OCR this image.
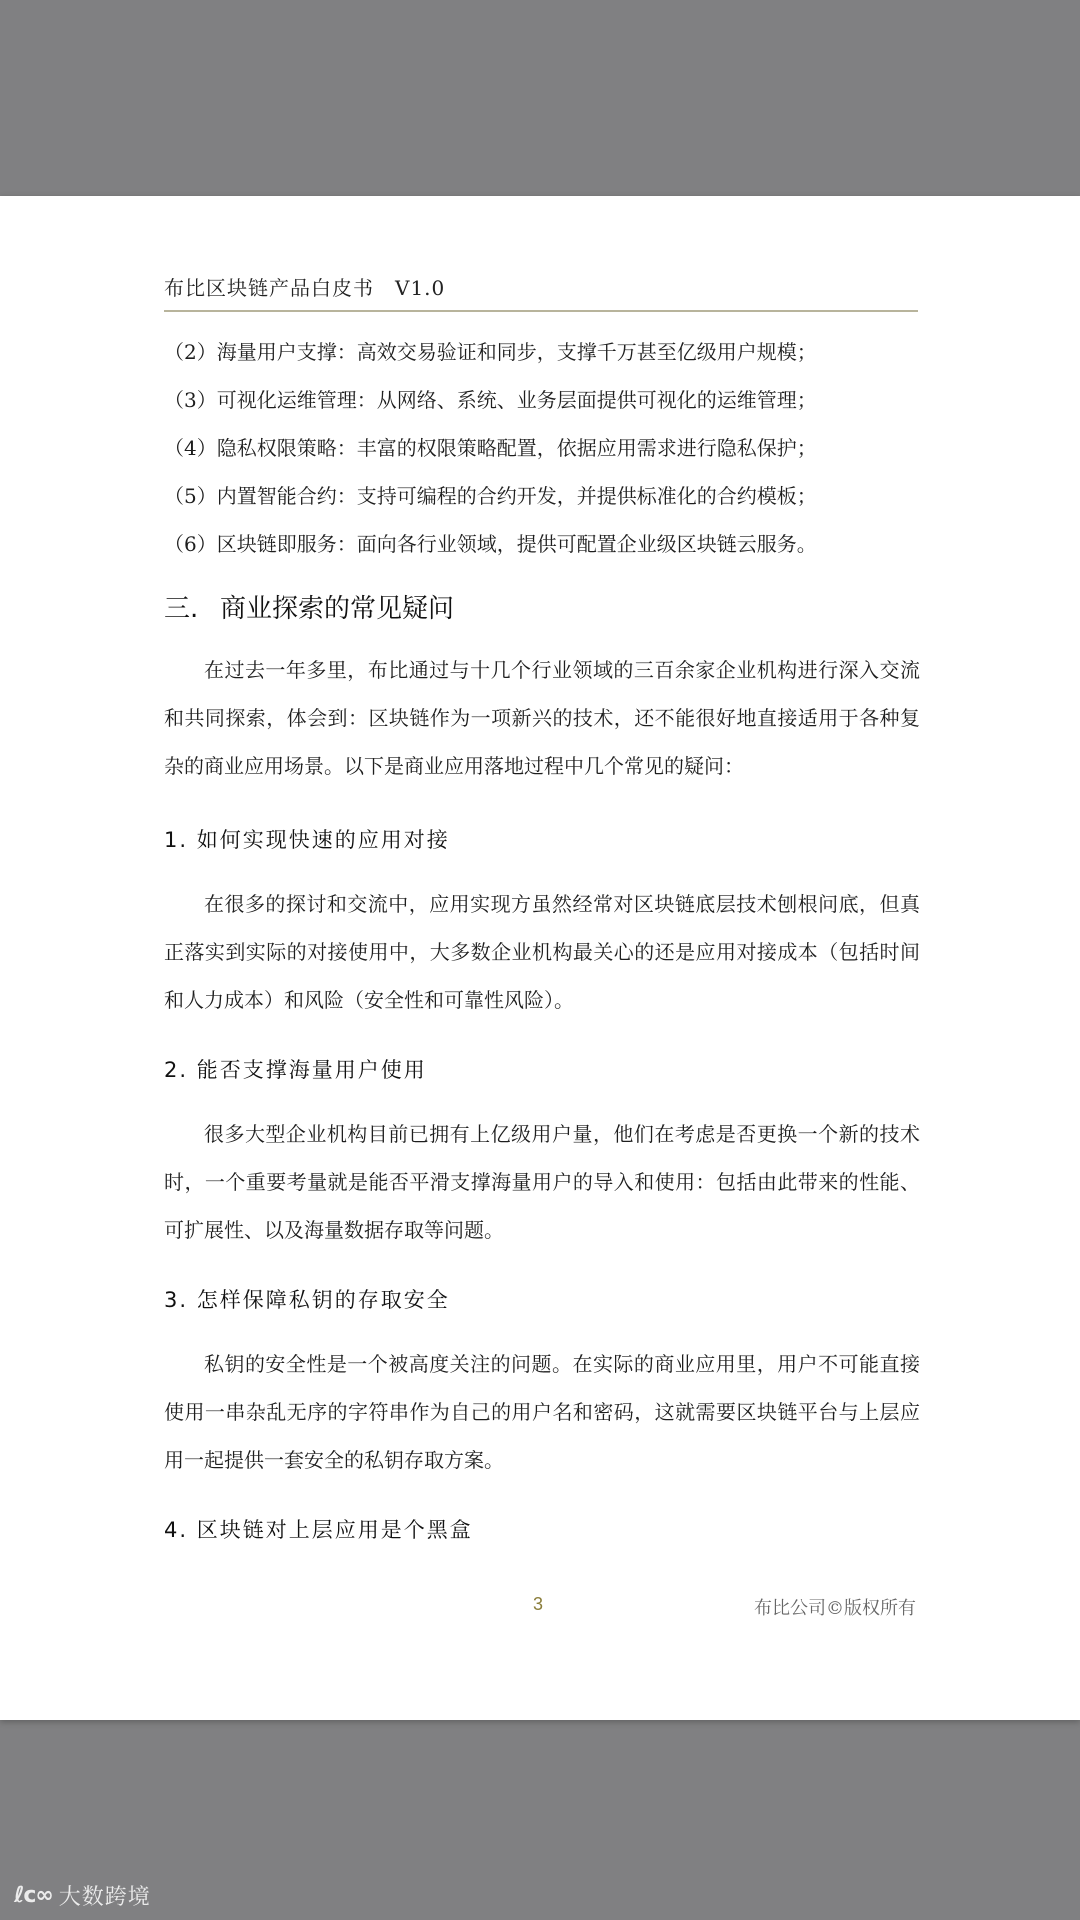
布比区块链产品白皮书　V1.0
（2）海量用户支撑：高效交易验证和同步，支撑千万甚至亿级用户规模；
（3）可视化运维管理：从网络、系统、业务层面提供可视化的运维管理；
（4）隐私权限策略：丰富的权限策略配置，依据应用需求进行隐私保护；
（5）内置智能合约：支持可编程的合约开发，并提供标准化的合约模板；
（6）区块链即服务：面向各行业领域，提供可配置企业级区块链云服务。
三. 商业探索的常见疑问

在过去一年多里，布比通过与十几个行业领域的三百余家企业机构进行深入交流和共同探索，体会到：区块链作为一项新兴的技术，还不能很好地直接适用于各种复杂的商业应用场景。以下是商业应用落地过程中几个常见的疑问：

1. 如何实现快速的应用对接

在很多的探讨和交流中，应用实现方虽然经常对区块链底层技术刨根问底，但真正落实到实际的对接使用中，大多数企业机构最关心的还是应用对接成本（包括时间和人力成本）和风险（安全性和可靠性风险）。

2. 能否支撑海量用户使用

很多大型企业机构目前已拥有上亿级用户量，他们在考虑是否更换一个新的技术时，一个重要考量就是能否平滑支撑海量用户的导入和使用：包括由此带来的性能、可扩展性、以及海量数据存取等问题。

3. 怎样保障私钥的存取安全

私钥的安全性是一个被高度关注的问题。在实际的商业应用里，用户不可能直接使用一串杂乱无序的字符串作为自己的用户名和密码，这就需要区块链平台与上层应用一起提供一套安全的私钥存取方案。

4. 区块链对上层应用是个黑盒
3	布比公司©版权所有
ℓc∞ 大数跨境
